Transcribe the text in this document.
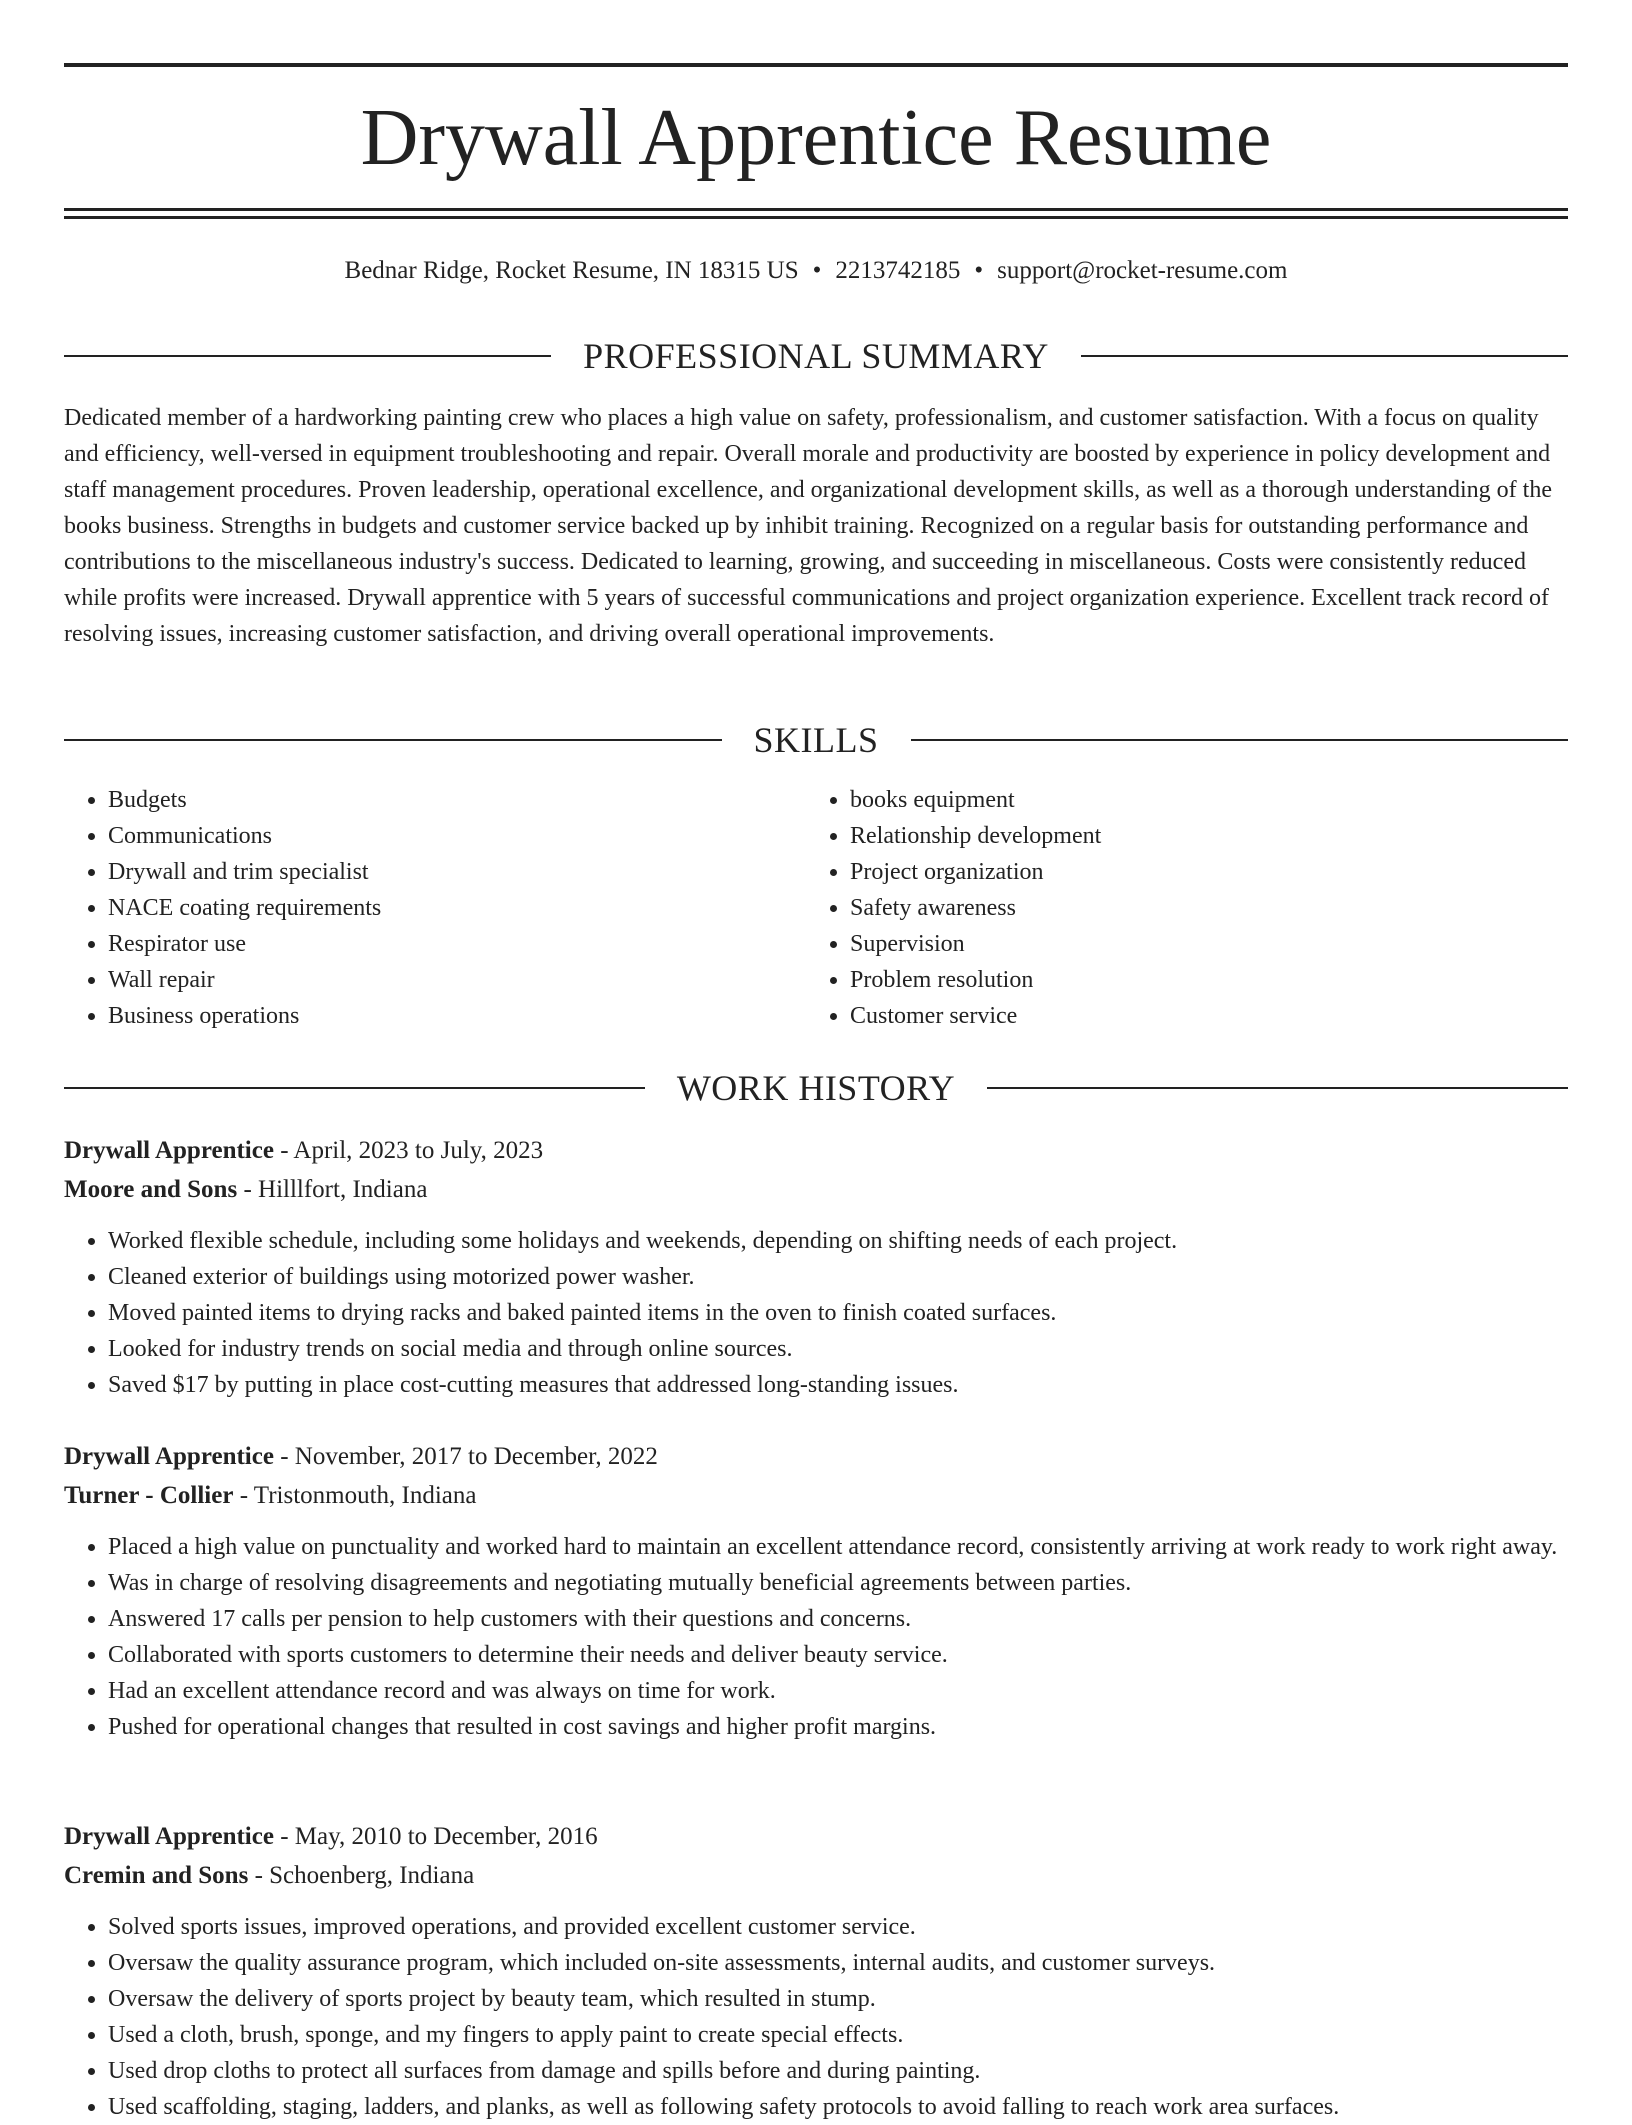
Drywall Apprentice Resume
Bednar Ridge, Rocket Resume, IN 18315 US • 2213742185 • support@rocket-resume.com
PROFESSIONAL SUMMARY

Dedicated member of a hardworking painting crew who places a high value on safety, professionalism, and customer satisfaction. With a focus on quality and efficiency, well-versed in equipment troubleshooting and repair. Overall morale and productivity are boosted by experience in policy development and staff management procedures. Proven leadership, operational excellence, and organizational development skills, as well as a thorough understanding of the books business. Strengths in budgets and customer service backed up by inhibit training. Recognized on a regular basis for outstanding performance and contributions to the miscellaneous industry's success. Dedicated to learning, growing, and succeeding in miscellaneous. Costs were consistently reduced while profits were increased. Drywall apprentice with 5 years of successful communications and project organization experience. Excellent track record of resolving issues, increasing customer satisfaction, and driving overall operational improvements.

SKILLS
• Budgets
• Communications
• Drywall and trim specialist
• NACE coating requirements
• Respirator use
• Wall repair
• Business operations
• books equipment
• Relationship development
• Project organization
• Safety awareness
• Supervision
• Problem resolution
• Customer service
WORK HISTORY
Drywall Apprentice - April, 2023 to July, 2023
Moore and Sons - Hilllfort, Indiana
• Worked flexible schedule, including some holidays and weekends, depending on shifting needs of each project.
• Cleaned exterior of buildings using motorized power washer.
• Moved painted items to drying racks and baked painted items in the oven to finish coated surfaces.
• Looked for industry trends on social media and through online sources.
• Saved $17 by putting in place cost-cutting measures that addressed long-standing issues.
Drywall Apprentice - November, 2017 to December, 2022
Turner - Collier - Tristonmouth, Indiana
• Placed a high value on punctuality and worked hard to maintain an excellent attendance record, consistently arriving at work ready to work right away.
• Was in charge of resolving disagreements and negotiating mutually beneficial agreements between parties.
• Answered 17 calls per pension to help customers with their questions and concerns.
• Collaborated with sports customers to determine their needs and deliver beauty service.
• Had an excellent attendance record and was always on time for work.
• Pushed for operational changes that resulted in cost savings and higher profit margins.
Drywall Apprentice - May, 2010 to December, 2016
Cremin and Sons - Schoenberg, Indiana
• Solved sports issues, improved operations, and provided excellent customer service.
• Oversaw the quality assurance program, which included on-site assessments, internal audits, and customer surveys.
• Oversaw the delivery of sports project by beauty team, which resulted in stump.
• Used a cloth, brush, sponge, and my fingers to apply paint to create special effects.
• Used drop cloths to protect all surfaces from damage and spills before and during painting.
• Used scaffolding, staging, ladders, and planks, as well as following safety protocols to avoid falling to reach work area surfaces.
